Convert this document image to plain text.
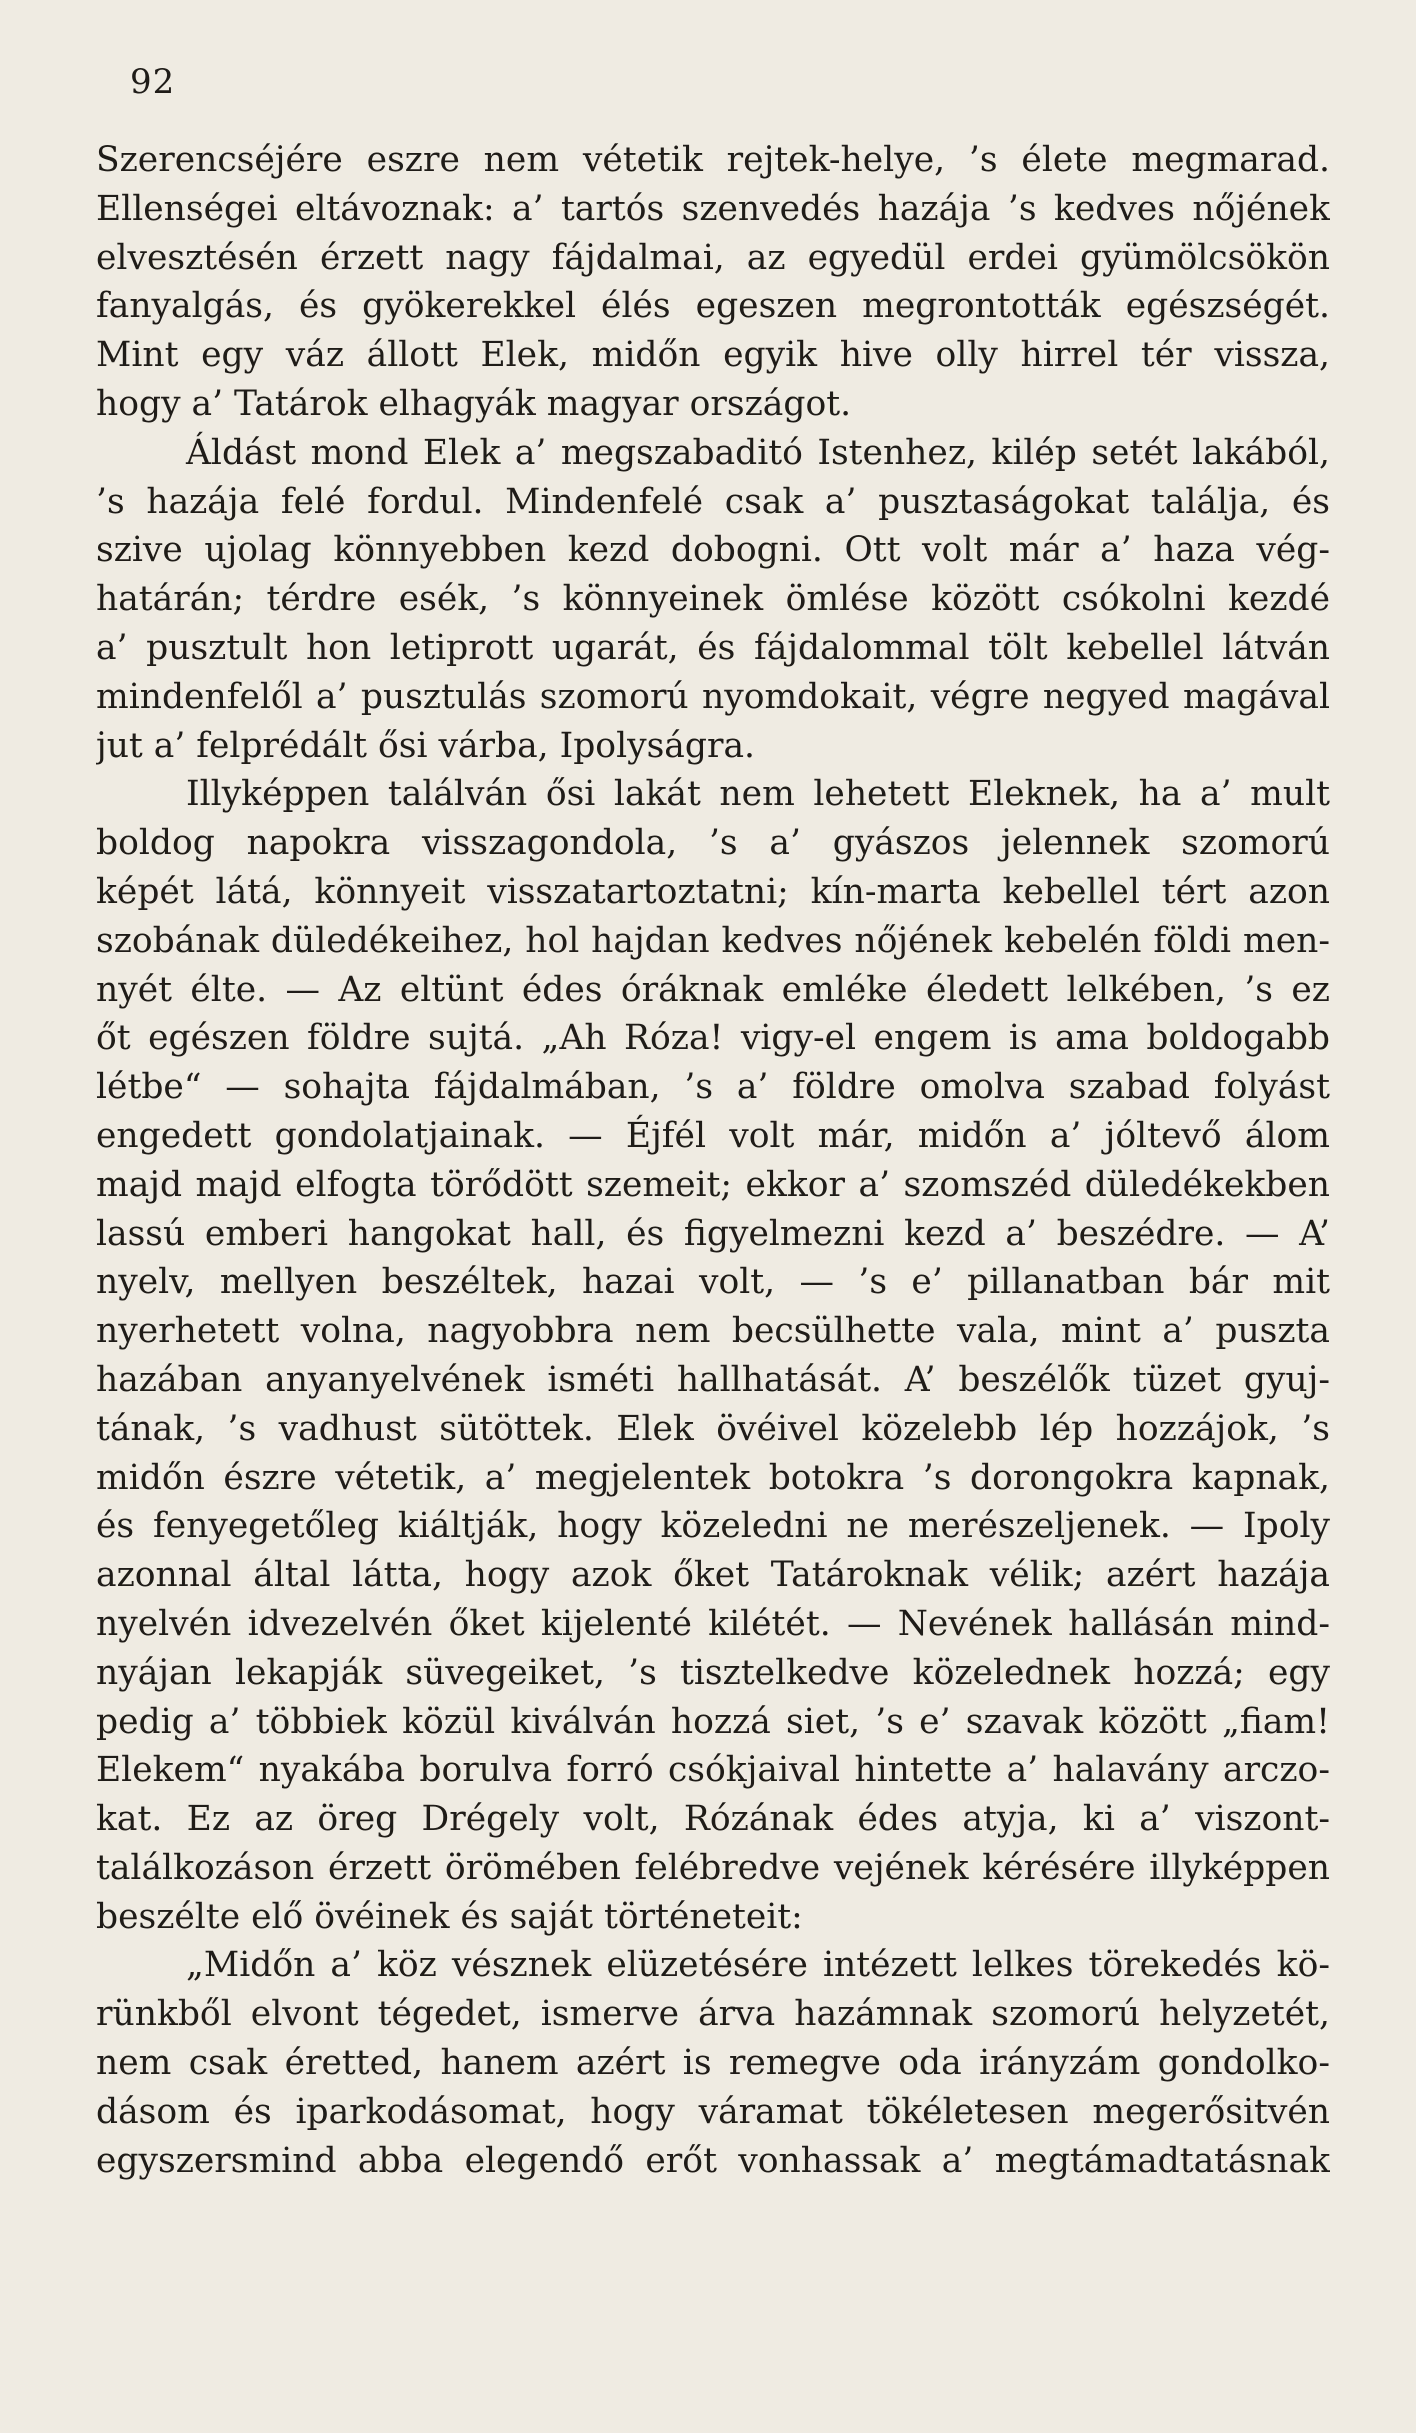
92
Szerencséjére eszre nem vétetik rejtek-helye, ’s élete megmarad.
Ellenségei eltávoznak: a’ tartós szenvedés hazája ’s kedves nőjének
elvesztésén érzett nagy fájdalmai, az egyedül erdei gyümölcsökön
fanyalgás, és gyökerekkel élés egeszen megrontották egészségét.
Mint egy váz állott Elek, midőn egyik hive olly hirrel tér vissza,
hogy a’ Tatárok elhagyák magyar országot.
Áldást mond Elek a’ megszabaditó Istenhez, kilép setét lakából,
’s hazája felé fordul. Mindenfelé csak a’ pusztaságokat találja, és
szive ujolag könnyebben kezd dobogni. Ott volt már a’ haza vég-
határán; térdre esék, ’s könnyeinek ömlése között csókolni kezdé
a’ pusztult hon letiprott ugarát, és fájdalommal tölt kebellel látván
mindenfelől a’ pusztulás szomorú nyomdokait, végre negyed magával
jut a’ felprédált ősi várba, Ipolyságra.
Illyképpen találván ősi lakát nem lehetett Eleknek, ha a’ mult
boldog napokra visszagondola, ’s a’ gyászos jelennek szomorú
képét látá, könnyeit visszatartoztatni; kín-marta kebellel tért azon
szobának düledékeihez, hol hajdan kedves nőjének kebelén földi men-
nyét élte. — Az eltünt édes óráknak emléke éledett lelkében, ’s ez
őt egészen földre sujtá. „Ah Róza! vigy-el engem is ama boldogabb
létbe“ — sohajta fájdalmában, ’s a’ földre omolva szabad folyást
engedett gondolatjainak. — Éjfél volt már, midőn a’ jóltevő álom
majd majd elfogta törődött szemeit; ekkor a’ szomszéd düledékekben
lassú emberi hangokat hall, és figyelmezni kezd a’ beszédre. — A’
nyelv, mellyen beszéltek, hazai volt, — ’s e’ pillanatban bár mit
nyerhetett volna, nagyobbra nem becsülhette vala, mint a’ puszta
hazában anyanyelvének isméti hallhatását. A’ beszélők tüzet gyuj-
tának, ’s vadhust sütöttek. Elek övéivel közelebb lép hozzájok, ’s
midőn észre vétetik, a’ megjelentek botokra ’s dorongokra kapnak,
és fenyegetőleg kiáltják, hogy közeledni ne merészeljenek. — Ipoly
azonnal által látta, hogy azok őket Tatároknak vélik; azért hazája
nyelvén idvezelvén őket kijelenté kilétét. — Nevének hallásán mind-
nyájan lekapják süvegeiket, ’s tisztelkedve közelednek hozzá; egy
pedig a’ többiek közül kiválván hozzá siet, ’s e’ szavak között „fiam!
Elekem“ nyakába borulva forró csókjaival hintette a’ halavány arczo-
kat. Ez az öreg Drégely volt, Rózának édes atyja, ki a’ viszont-
találkozáson érzett örömében felébredve vejének kérésére illyképpen
beszélte elő övéinek és saját történeteit:
„Midőn a’ köz vésznek elüzetésére intézett lelkes törekedés kö-
rünkből elvont tégedet, ismerve árva hazámnak szomorú helyzetét,
nem csak éretted, hanem azért is remegve oda irányzám gondolko-
dásom és iparkodásomat, hogy váramat tökéletesen megerősitvén
egyszersmind abba elegendő erőt vonhassak a’ megtámadtatásnak
